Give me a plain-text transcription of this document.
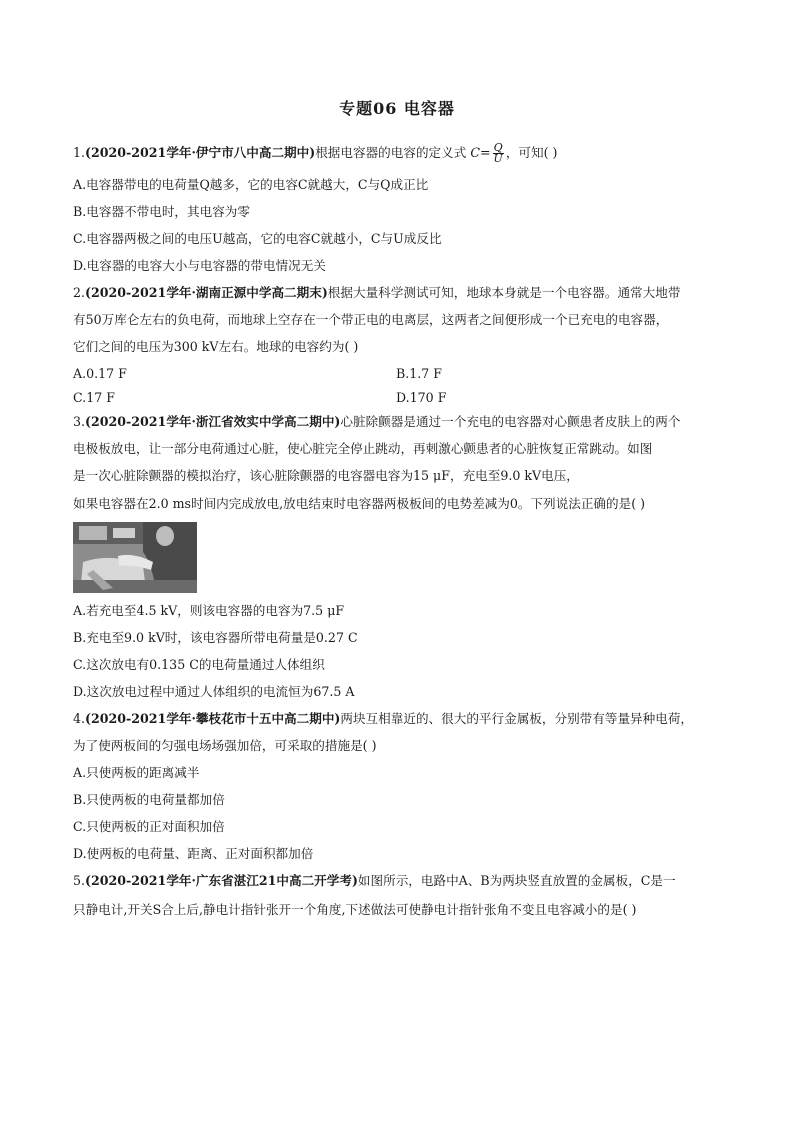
专题06 电容器
1.(2020-2021学年·伊宁市八中高二期中)根据电容器的电容的定义式 $C= \frac{Q}{U}$ ，可知( )
A.电容器带电的电荷量Q越多，它的电容C就越大，C与Q成正比
B.电容器不带电时，其电容为零
C.电容器两极之间的电压U越高，它的电容C就越小，C与U成反比
D.电容器的电容大小与电容器的带电情况无关
2.(2020-2021学年·湖南正源中学高二期末)根据大量科学测试可知，地球本身就是一个电容器。通常大地带
有50万库仑左右的负电荷，而地球上空存在一个带正电的电离层，这两者之间便形成一个已充电的电容器，
它们之间的电压为300 kV左右。地球的电容约为( )
A.0.17 F	B.1.7 F
C.17 F	D.170 F
3.(2020-2021学年·浙江省效实中学高二期中)心脏除颤器是通过一个充电的电容器对心颤患者皮肤上的两个
电极板放电，让一部分电荷通过心脏，使心脏完全停止跳动，再刺激心颤患者的心脏恢复正常跳动。如图
是一次心脏除颤器的模拟治疗，该心脏除颤器的电容器电容为15 μF，充电至9.0 kV电压，
如果电容器在2.0 ms时间内完成放电,放电结束时电容器两极板间的电势差减为0。下列说法正确的是( )
A.若充电至4.5 kV，则该电容器的电容为7.5 μF
B.充电至9.0 kV时，该电容器所带电荷量是0.27 C
C.这次放电有0.135 C的电荷量通过人体组织
D.这次放电过程中通过人体组织的电流恒为67.5 A
4.(2020-2021学年·攀枝花市十五中高二期中)两块互相靠近的、很大的平行金属板，分别带有等量异种电荷，
为了使两板间的匀强电场场强加倍，可采取的措施是( )
A.只使两板的距离减半
B.只使两板的电荷量都加倍
C.只使两板的正对面积加倍
D.使两板的电荷量、距离、正对面积都加倍
5.(2020-2021学年·广东省湛江21中高二开学考)如图所示，电路中A、B为两块竖直放置的金属板，C是一
只静电计,开关S合上后,静电计指针张开一个角度,下述做法可使静电计指针张角不变且电容减小的是( )
